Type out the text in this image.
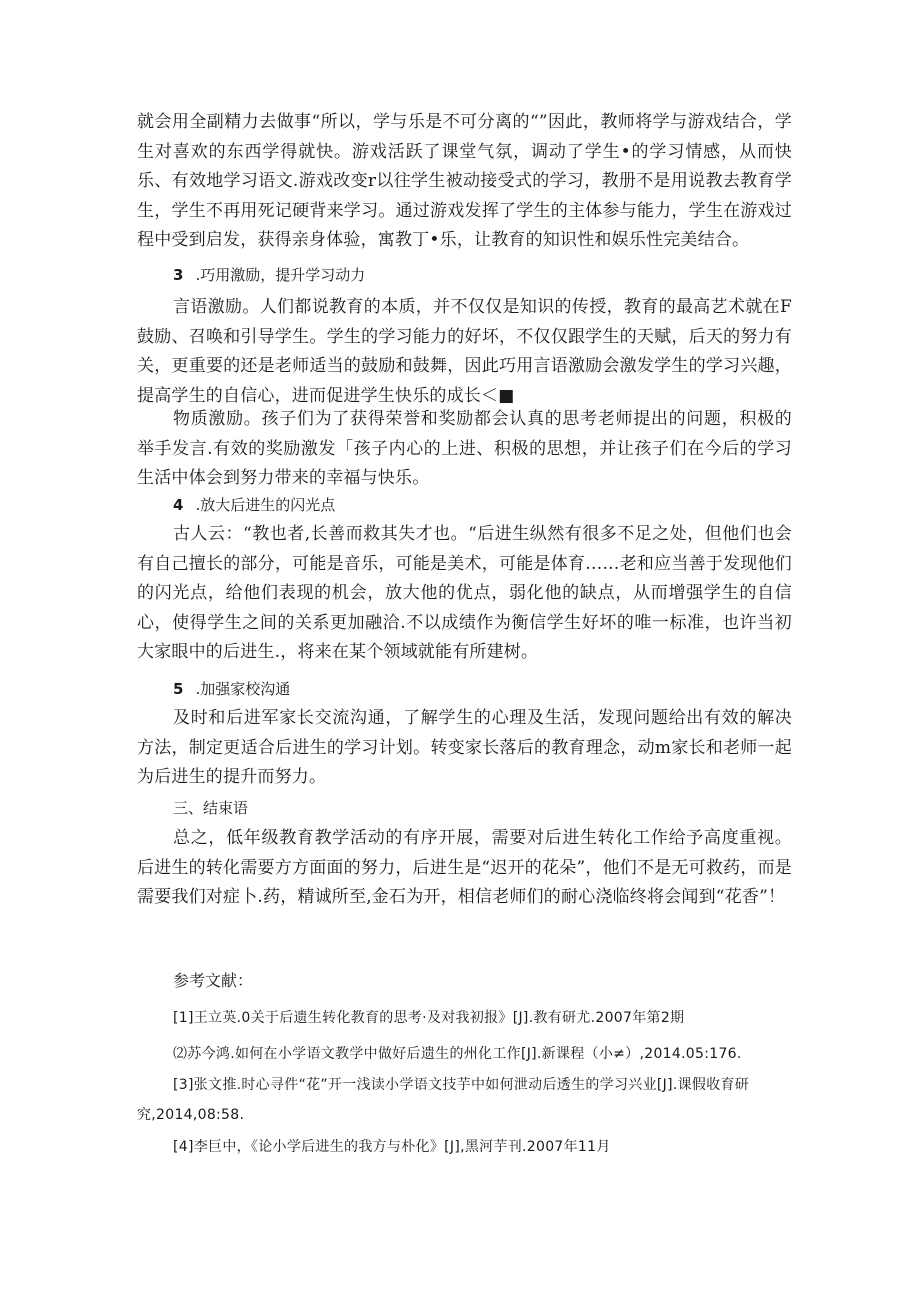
就会用全副精力去做事“所以，学与乐是不可分离的“”因此，教师将学与游戏结合，学生对喜欢的东西学得就快。游戏活跃了课堂气氛，调动了学生•的学习情感，从而快乐、有效地学习语文.游戏改变r以往学生被动接受式的学习，教册不是用说教去教育学生，学生不再用死记硬背来学习。通过游戏发挥了学生的主体参与能力，学生在游戏过程中受到启发，获得亲身体验，寓教丁•乐，让教育的知识性和娱乐性完美结合。

3 .巧用激励，提升学习动力

言语激励。人们都说教育的本质，并不仅仅是知识的传授，教育的最高艺术就在F鼓励、召唤和引导学生。学生的学习能力的好坏，不仅仅跟学生的天赋，后天的努力有关，更重要的还是老师适当的鼓励和鼓舞，因此巧用言语激励会激发学生的学习兴趣，提高学生的自信心，进而促进学生快乐的成长＜■

物质激励。孩子们为了获得荣誉和奖励都会认真的思考老师提出的问题，积极的举手发言.有效的奖励激发「孩子内心的上进、积极的思想，并让孩子们在今后的学习生活中体会到努力带来的幸福与快乐。

4 .放大后进生的闪光点

古人云：“教也者,长善而救其失才也。“后进生纵然有很多不足之处，但他们也会有自己擅长的部分，可能是音乐，可能是美术，可能是体育……老和应当善于发现他们的闪光点，给他们表现的机会，放大他的优点，弱化他的缺点，从而增强学生的自信心，使得学生之间的关系更加融洽.不以成绩作为衡信学生好坏的唯一标准，也许当初大家眼中的后进生.，将来在某个领域就能有所建树。

5 .加强家校沟通

及时和后进军家长交流沟通，了解学生的心理及生活，发现问题给出有效的解决方法，制定更适合后进生的学习计划。转变家长落后的教育理念，动m家长和老师一起为后进生的提升而努力。

三、结束语

总之，低年级教育教学活动的有序开展，需要对后进生转化工作给予高度重视。后进生的转化需要方方面面的努力，后进生是“迟开的花朵”，他们不是无可救药，而是需要我们对症卜.药，精诚所至,金石为开，相信老师们的耐心浇临终将会闻到“花香”！

参考文献：

[1]王立英.0关于后遗生转化教育的思考·及对我初报》[J].教有研尤.2007年第2期

⑵苏今鸿.如何在小学语文教学中做好后遗生的州化工作[J].新课程（小≠）,2014.05:176.

[3]张文推.时心寻件“花”开一浅读小学语文技芋中如何泄动后透生的学习兴业[J].课假收育研究,2014,08:58.

[4]李巨中，《论小学后进生的我方与朴化》[J],黑河芋刊.2007年11月
